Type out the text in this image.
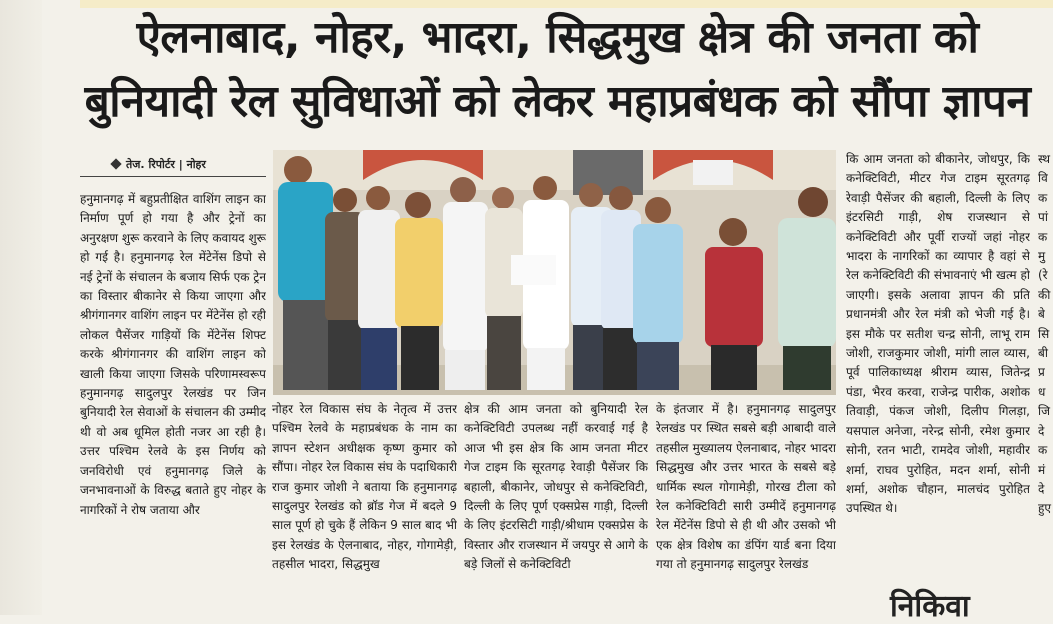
ऐलनाबाद, नोहर, भादरा, सिद्धमुख क्षेत्र की जनता को
बुनियादी रेल सुविधाओं को लेकर महाप्रबंधक को सौंपा ज्ञापन
तेज. रिपोर्टर | नोहर
हनुमानगढ़ में बहुप्रतीक्षित वाशिंग लाइन का निर्माण पूर्ण हो गया है और ट्रेनों का अनुरक्षण शुरू करवाने के लिए कवायद शुरू हो गई है। हनुमानगढ़ रेल मेंटेनेंस डिपो से नई ट्रेनों के संचालन के बजाय सिर्फ एक ट्रेन का विस्तार बीकानेर से किया जाएगा और श्रीगंगानगर वाशिंग लाइन पर मेंटेनेंस हो रही लोकल पैसेंजर गाड़ियों कि मेंटेनेंस शिफ्ट करके श्रीगंगानगर की वाशिंग लाइन को खाली किया जाएगा जिसके परिणामस्वरूप हनुमानगढ़ सादुलपुर रेलखंड पर जिन बुनियादी रेल सेवाओं के संचालन की उम्मीद थी वो अब धूमिल होती नजर आ रही है। उत्तर पश्चिम रेलवे के इस निर्णय को जनविरोधी एवं हनुमानगढ़ जिले के जनभावनाओं के विरुद्ध बताते हुए नोहर के नागरिकों ने रोष जताया और
नोहर रेल विकास संघ के नेतृत्व में उत्तर पश्चिम रेलवे के महाप्रबंधक के नाम का ज्ञापन स्टेशन अधीक्षक कृष्ण कुमार को सौंपा। नोहर रेल विकास संघ के पदाधिकारी राज कुमार जोशी ने बताया कि हनुमानगढ़ सादुलपुर रेलखंड को ब्रॉड गेज में बदले 9 साल पूर्ण हो चुके हैं लेकिन 9 साल बाद भी इस रेलखंड के ऐलनाबाद, नोहर, गोगामेड़ी, तहसील भादरा, सिद्धमुख
क्षेत्र की आम जनता को बुनियादी रेल कनेक्टिविटी उपलब्ध नहीं करवाई गई है आज भी इस क्षेत्र कि आम जनता मीटर गेज टाइम कि सूरतगढ़ रेवाड़ी पैसेंजर कि बहाली, बीकानेर, जोधपुर से कनेक्टिविटी, दिल्ली के लिए पूर्ण एक्सप्रेस गाड़ी, दिल्ली के लिए इंटरसिटी गाड़ी/श्रीधाम एक्सप्रेस के विस्तार और राजस्थान में जयपुर से आगे के बड़े जिलों से कनेक्टिविटी
के इंतजार में है। हनुमानगढ़ सादुलपुर रेलखंड पर स्थित सबसे बड़ी आबादी वाले तहसील मुख्यालय ऐलनाबाद, नोहर भादरा सिद्धमुख और उत्तर भारत के सबसे बड़े धार्मिक स्थल गोगामेड़ी, गोरख टीला को रेल कनेक्टिविटी सारी उम्मीदें हनुमानगढ़ रेल मेंटेनेंस डिपो से ही थी और उसको भी एक क्षेत्र विशेष का डंपिंग यार्ड बना दिया गया तो हनुमानगढ़ सादुलपुर रेलखंड
कि आम जनता को बीकानेर, जोधपुर, कि कनेक्टिविटी, मीटर गेज टाइम सूरतगढ़ रेवाड़ी पैसेंजर की बहाली, दिल्ली के लिए इंटरसिटी गाड़ी, शेष राजस्थान से कनेक्टिविटी और पूर्वी राज्यों जहां नोहर भादरा के नागरिकों का व्यापार है वहां से रेल कनेक्टिविटी की संभावनाएं भी खत्म हो जाएगी। इसके अलावा ज्ञापन की प्रति प्रधानमंत्री और रेल मंत्री को भेजी गई है। इस मौके पर सतीश चन्द्र सोनी, लाभू राम जोशी, राजकुमार जोशी, मांगी लाल व्यास, पूर्व पालिकाध्यक्ष श्रीराम व्यास, जितेन्द्र पंडा, भैरव करवा, राजेन्द्र पारीक, अशोक तिवाड़ी, पंकज जोशी, दिलीप गिलड़ा, यसपाल अनेजा, नरेन्द्र सोनी, रमेश कुमार सोनी, रतन भाटी, रामदेव जोशी, महावीर शर्मा, राघव पुरोहित, मदन शर्मा, सोनी शर्मा, अशोक चौहान, मालचंद पुरोहित उपस्थित थे।
स्थ वि क पां क मु (रे की बे सि बी प्र ध जि दे क मं दे हुए
निकिवा
